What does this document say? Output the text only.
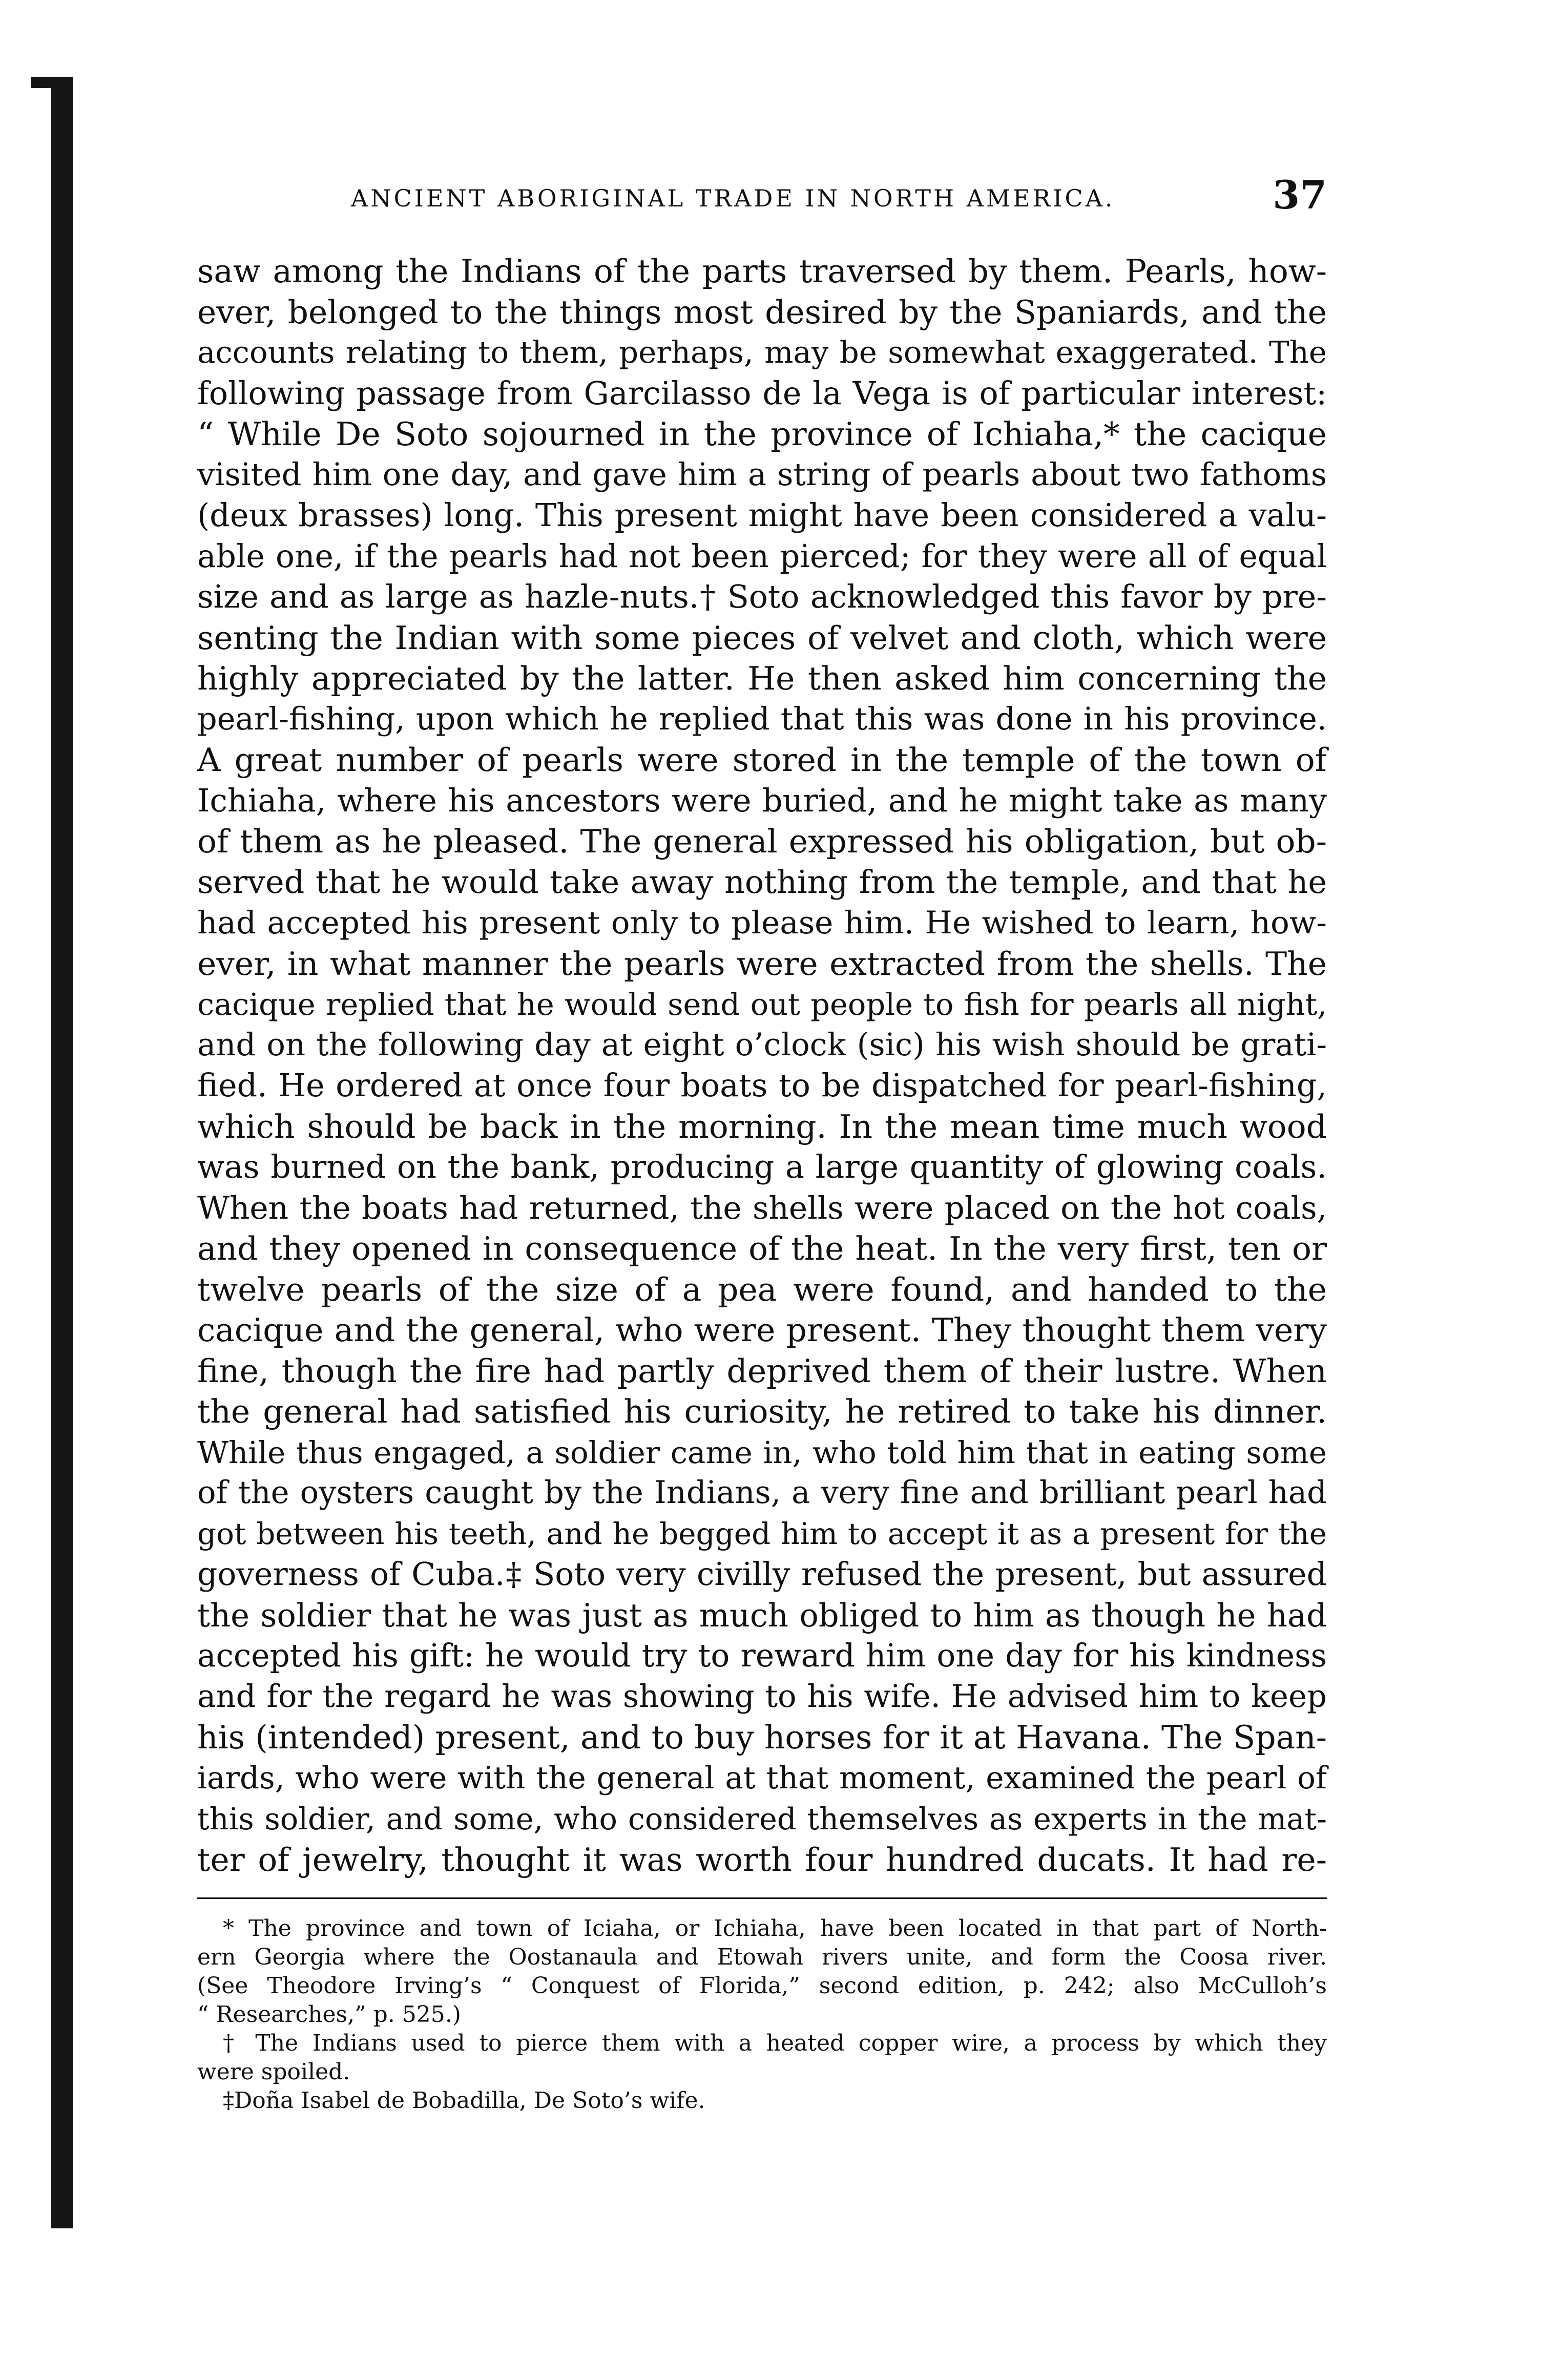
ANCIENT ABORIGINAL TRADE IN NORTH AMERICA.	37
saw among the Indians of the parts traversed by them. Pearls, how-
ever, belonged to the things most desired by the Spaniards, and the
accounts relating to them, perhaps, may be somewhat exaggerated. The
following passage from Garcilasso de la Vega is of particular interest:
“ While De Soto sojourned in the province of Ichiaha,* the cacique
visited him one day, and gave him a string of pearls about two fathoms
(deux brasses) long. This present might have been considered a valu-
able one, if the pearls had not been pierced; for they were all of equal
size and as large as hazle-nuts.† Soto acknowledged this favor by pre-
senting the Indian with some pieces of velvet and cloth, which were
highly appreciated by the latter. He then asked him concerning the
pearl-fishing, upon which he replied that this was done in his province.
A great number of pearls were stored in the temple of the town of
Ichiaha, where his ancestors were buried, and he might take as many
of them as he pleased. The general expressed his obligation, but ob-
served that he would take away nothing from the temple, and that he
had accepted his present only to please him. He wished to learn, how-
ever, in what manner the pearls were extracted from the shells. The
cacique replied that he would send out people to fish for pearls all night,
and on the following day at eight o’clock (sic) his wish should be grati-
fied. He ordered at once four boats to be dispatched for pearl-fishing,
which should be back in the morning. In the mean time much wood
was burned on the bank, producing a large quantity of glowing coals.
When the boats had returned, the shells were placed on the hot coals,
and they opened in consequence of the heat. In the very first, ten or
twelve pearls of the size of a pea were found, and handed to the
cacique and the general, who were present. They thought them very
fine, though the fire had partly deprived them of their lustre. When
the general had satisfied his curiosity, he retired to take his dinner.
While thus engaged, a soldier came in, who told him that in eating some
of the oysters caught by the Indians, a very fine and brilliant pearl had
got between his teeth, and he begged him to accept it as a present for the
governess of Cuba.‡ Soto very civilly refused the present, but assured
the soldier that he was just as much obliged to him as though he had
accepted his gift: he would try to reward him one day for his kindness
and for the regard he was showing to his wife. He advised him to keep
his (intended) present, and to buy horses for it at Havana. The Span-
iards, who were with the general at that moment, examined the pearl of
this soldier, and some, who considered themselves as experts in the mat-
ter of jewelry, thought it was worth four hundred ducats. It had re-
* The province and town of Iciaha, or Ichiaha, have been located in that part of North-
ern Georgia where the Oostanaula and Etowah rivers unite, and form the Coosa river.
(See Theodore Irving’s “ Conquest of Florida,” second edition, p. 242; also McCulloh’s
“ Researches,” p. 525.)
† The Indians used to pierce them with a heated copper wire, a process by which they
were spoiled.
‡Doña Isabel de Bobadilla, De Soto’s wife.
